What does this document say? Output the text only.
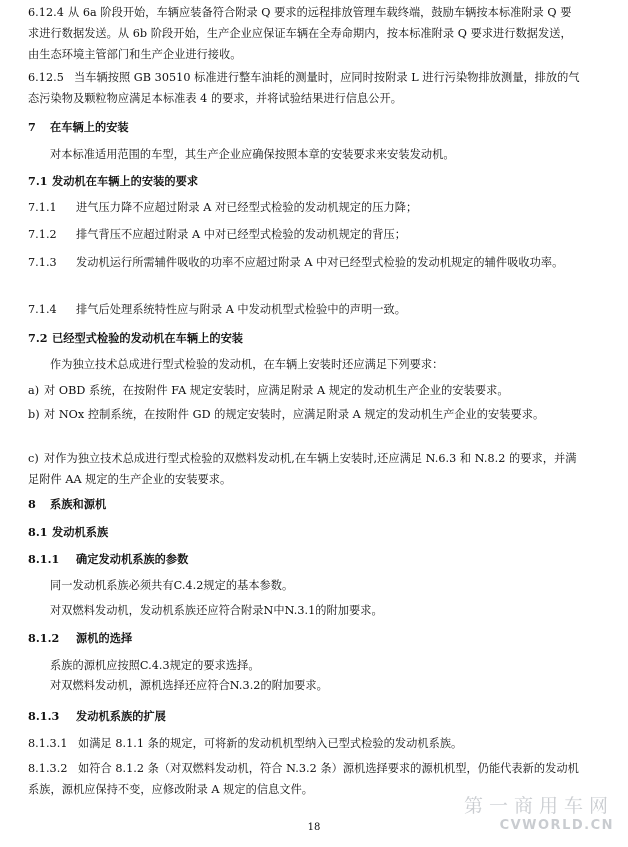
6.12.4 从 6a 阶段开始，车辆应装备符合附录 Q 要求的远程排放管理车载终端，鼓励车辆按本标准附录 Q 要求进行数据发送。从 6b 阶段开始，生产企业应保证车辆在全寿命期内，按本标准附录 Q 要求进行数据发送，由生态环境主管部门和生产企业进行接收。
6.12.5 当车辆按照 GB 30510 标准进行整车油耗的测量时，应同时按附录 L 进行污染物排放测量，排放的气态污染物及颗粒物应满足本标准表 4 的要求，并将试验结果进行信息公开。
7 在车辆上的安装
对本标准适用范围的车型，其生产企业应确保按照本章的安装要求来安装发动机。
7.1 发动机在车辆上的安装的要求
7.1.1 进气压力降不应超过附录 A 对已经型式检验的发动机规定的压力降；
7.1.2 排气背压不应超过附录 A 中对已经型式检验的发动机规定的背压；
7.1.3 发动机运行所需辅件吸收的功率不应超过附录 A 中对已经型式检验的发动机规定的辅件吸收功率。
7.1.4 排气后处理系统特性应与附录 A 中发动机型式检验中的声明一致。
7.2 已经型式检验的发动机在车辆上的安装
作为独立技术总成进行型式检验的发动机，在车辆上安装时还应满足下列要求：
a) 对 OBD 系统，在按附件 FA 规定安装时，应满足附录 A 规定的发动机生产企业的安装要求。
b) 对 NOx 控制系统，在按附件 GD 的规定安装时，应满足附录 A 规定的发动机生产企业的安装要求。
c) 对作为独立技术总成进行型式检验的双燃料发动机,在车辆上安装时,还应满足 N.6.3 和 N.8.2 的要求，并满足附件 AA 规定的生产企业的安装要求。
8 系族和源机
8.1 发动机系族
8.1.1 确定发动机系族的参数
同一发动机系族必须共有C.4.2规定的基本参数。
对双燃料发动机，发动机系族还应符合附录N中N.3.1的附加要求。
8.1.2 源机的选择
系族的源机应按照C.4.3规定的要求选择。
对双燃料发动机，源机选择还应符合N.3.2的附加要求。
8.1.3 发动机系族的扩展
8.1.3.1 如满足 8.1.1 条的规定，可将新的发动机机型纳入已型式检验的发动机系族。
8.1.3.2 如符合 8.1.2 条（对双燃料发动机，符合 N.3.2 条）源机选择要求的源机机型，仍能代表新的发动机系族，源机应保持不变，应修改附录 A 规定的信息文件。
第一商用车网
CVWORLD.CN
18
